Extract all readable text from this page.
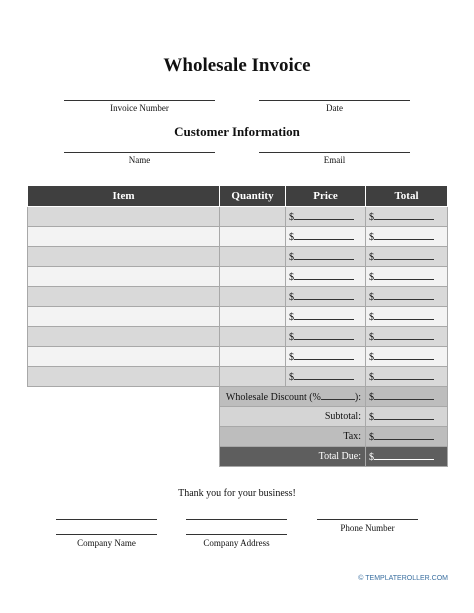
Wholesale Invoice
Invoice Number	Date
Customer Information
Name	Email
Item	Quantity	Price	Total
		$	$
		$	$
		$	$
		$	$
		$	$
		$	$
		$	$
		$	$
		$	$
	Wholesale Discount (% ):		$
	Subtotal:		$
	Tax:		$
	Total Due:		$
Thank you for your business!
Company Name	Company Address
Phone Number
© TEMPLATEROLLER.COM
